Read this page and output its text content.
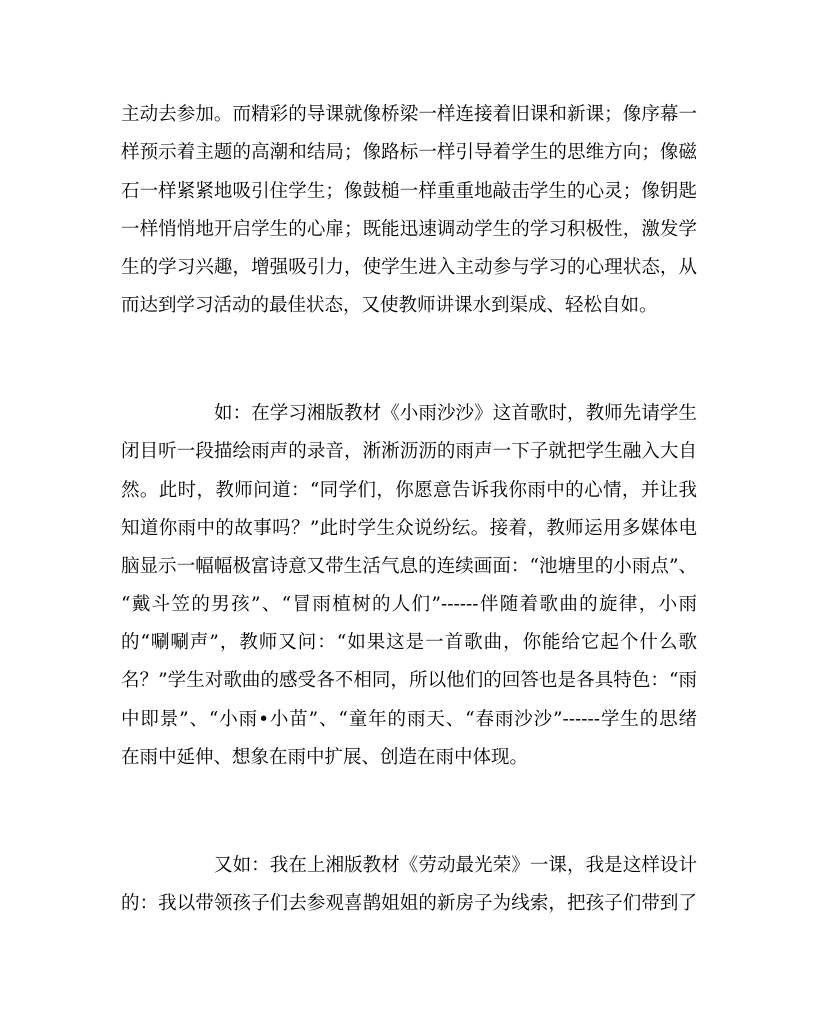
主动去参加。而精彩的导课就像桥梁一样连接着旧课和新课；像序幕一
样预示着主题的高潮和结局；像路标一样引导着学生的思维方向；像磁
石一样紧紧地吸引住学生；像鼓槌一样重重地敲击学生的心灵；像钥匙
一样悄悄地开启学生的心扉；既能迅速调动学生的学习积极性，激发学
生的学习兴趣，增强吸引力，使学生进入主动参与学习的心理状态，从
而达到学习活动的最佳状态，又使教师讲课水到渠成、轻松自如。
如：在学习湘版教材《小雨沙沙》这首歌时，教师先请学生
闭目听一段描绘雨声的录音，淅淅沥沥的雨声一下子就把学生融入大自
然。此时，教师问道：“同学们，你愿意告诉我你雨中的心情，并让我
知道你雨中的故事吗？”此时学生众说纷纭。接着，教师运用多媒体电
脑显示一幅幅极富诗意又带生活气息的连续画面：“池塘里的小雨点”、
“戴斗笠的男孩”、“冒雨植树的人们”------伴随着歌曲的旋律，小雨
的“唰唰声”，教师又问：“如果这是一首歌曲，你能给它起个什么歌
名？”学生对歌曲的感受各不相同，所以他们的回答也是各具特色：“雨
中即景”、“小雨•小苗”、“童年的雨天、“春雨沙沙”------学生的思绪
在雨中延伸、想象在雨中扩展、创造在雨中体现。
又如：我在上湘版教材《劳动最光荣》一课，我是这样设计
的：我以带领孩子们去参观喜鹊姐姐的新房子为线索，把孩子们带到了
